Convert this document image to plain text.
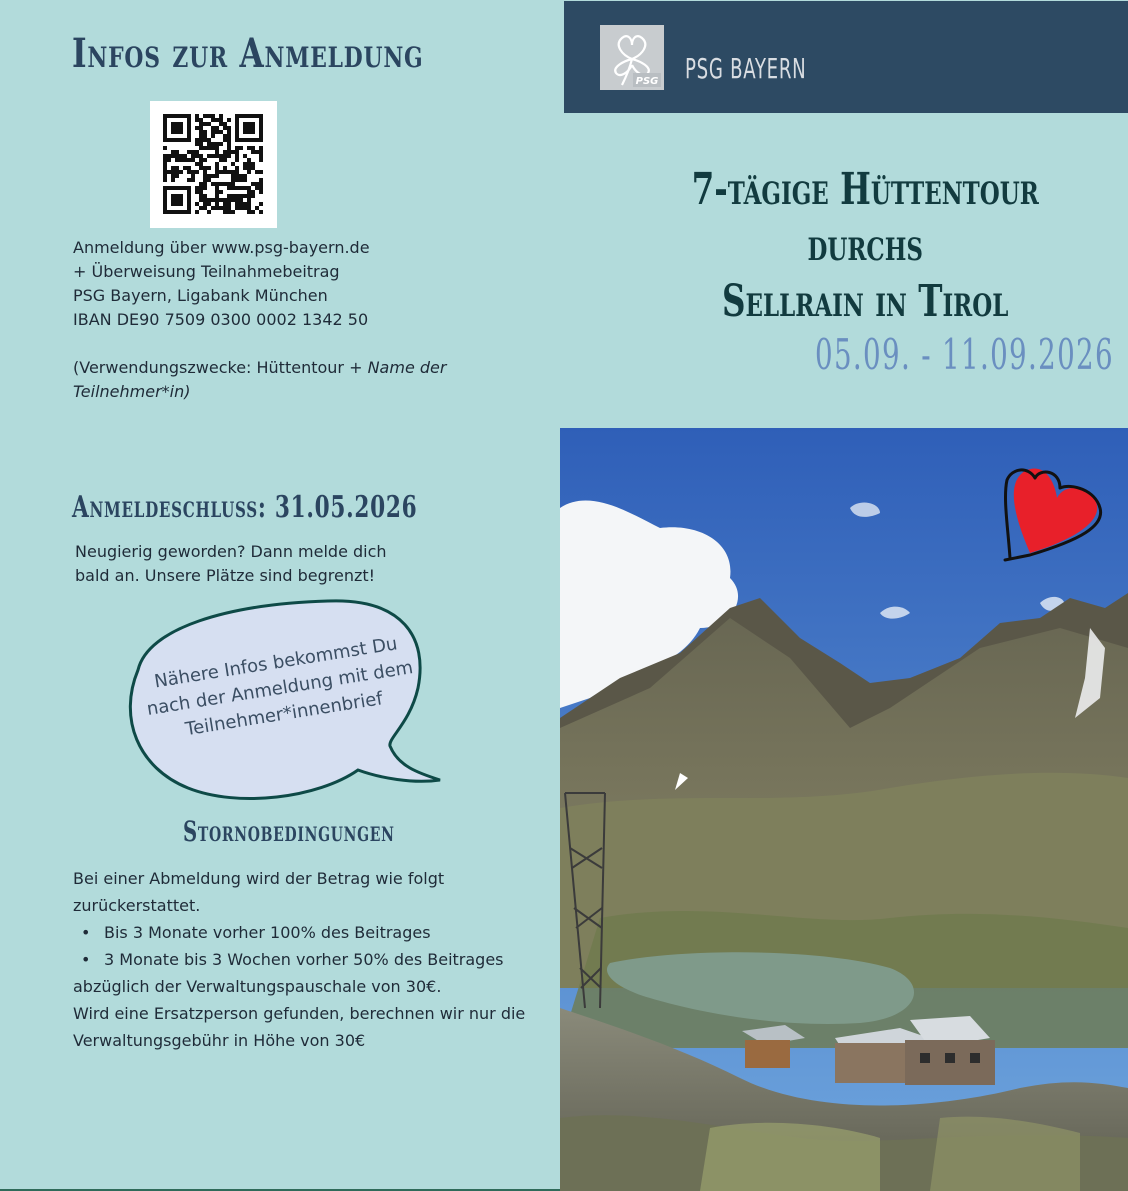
Infos zur Anmeldung
Anmeldung über www.psg-bayern.de
+ Überweisung Teilnahmebeitrag
PSG Bayern, Ligabank München
IBAN DE90 7509 0300 0002 1342 50
(Verwendungszwecke: Hüttentour + Name der Teilnehmer*in)
Anmeldeschluss: 31.05.2026
Neugierig geworden? Dann melde dich bald an. Unsere Plätze sind begrenzt!
Nähere Infos bekommst Du nach der Anmeldung mit dem Teilnehmer*innenbrief
Stornobedingungen
Bei einer Abmeldung wird der Betrag wie folgt zurückerstattet.
• Bis 3 Monate vorher 100% des Beitrages
• 3 Monate bis 3 Wochen vorher 50% des Beitrages
abzüglich der Verwaltungspauschale von 30€.
Wird eine Ersatzperson gefunden, berechnen wir nur die Verwaltungsgebühr in Höhe von 30€
PSG PSG BAYERN
7-tägige Hüttentour durchs
Sellrain in Tirol
05.09. - 11.09.2026
